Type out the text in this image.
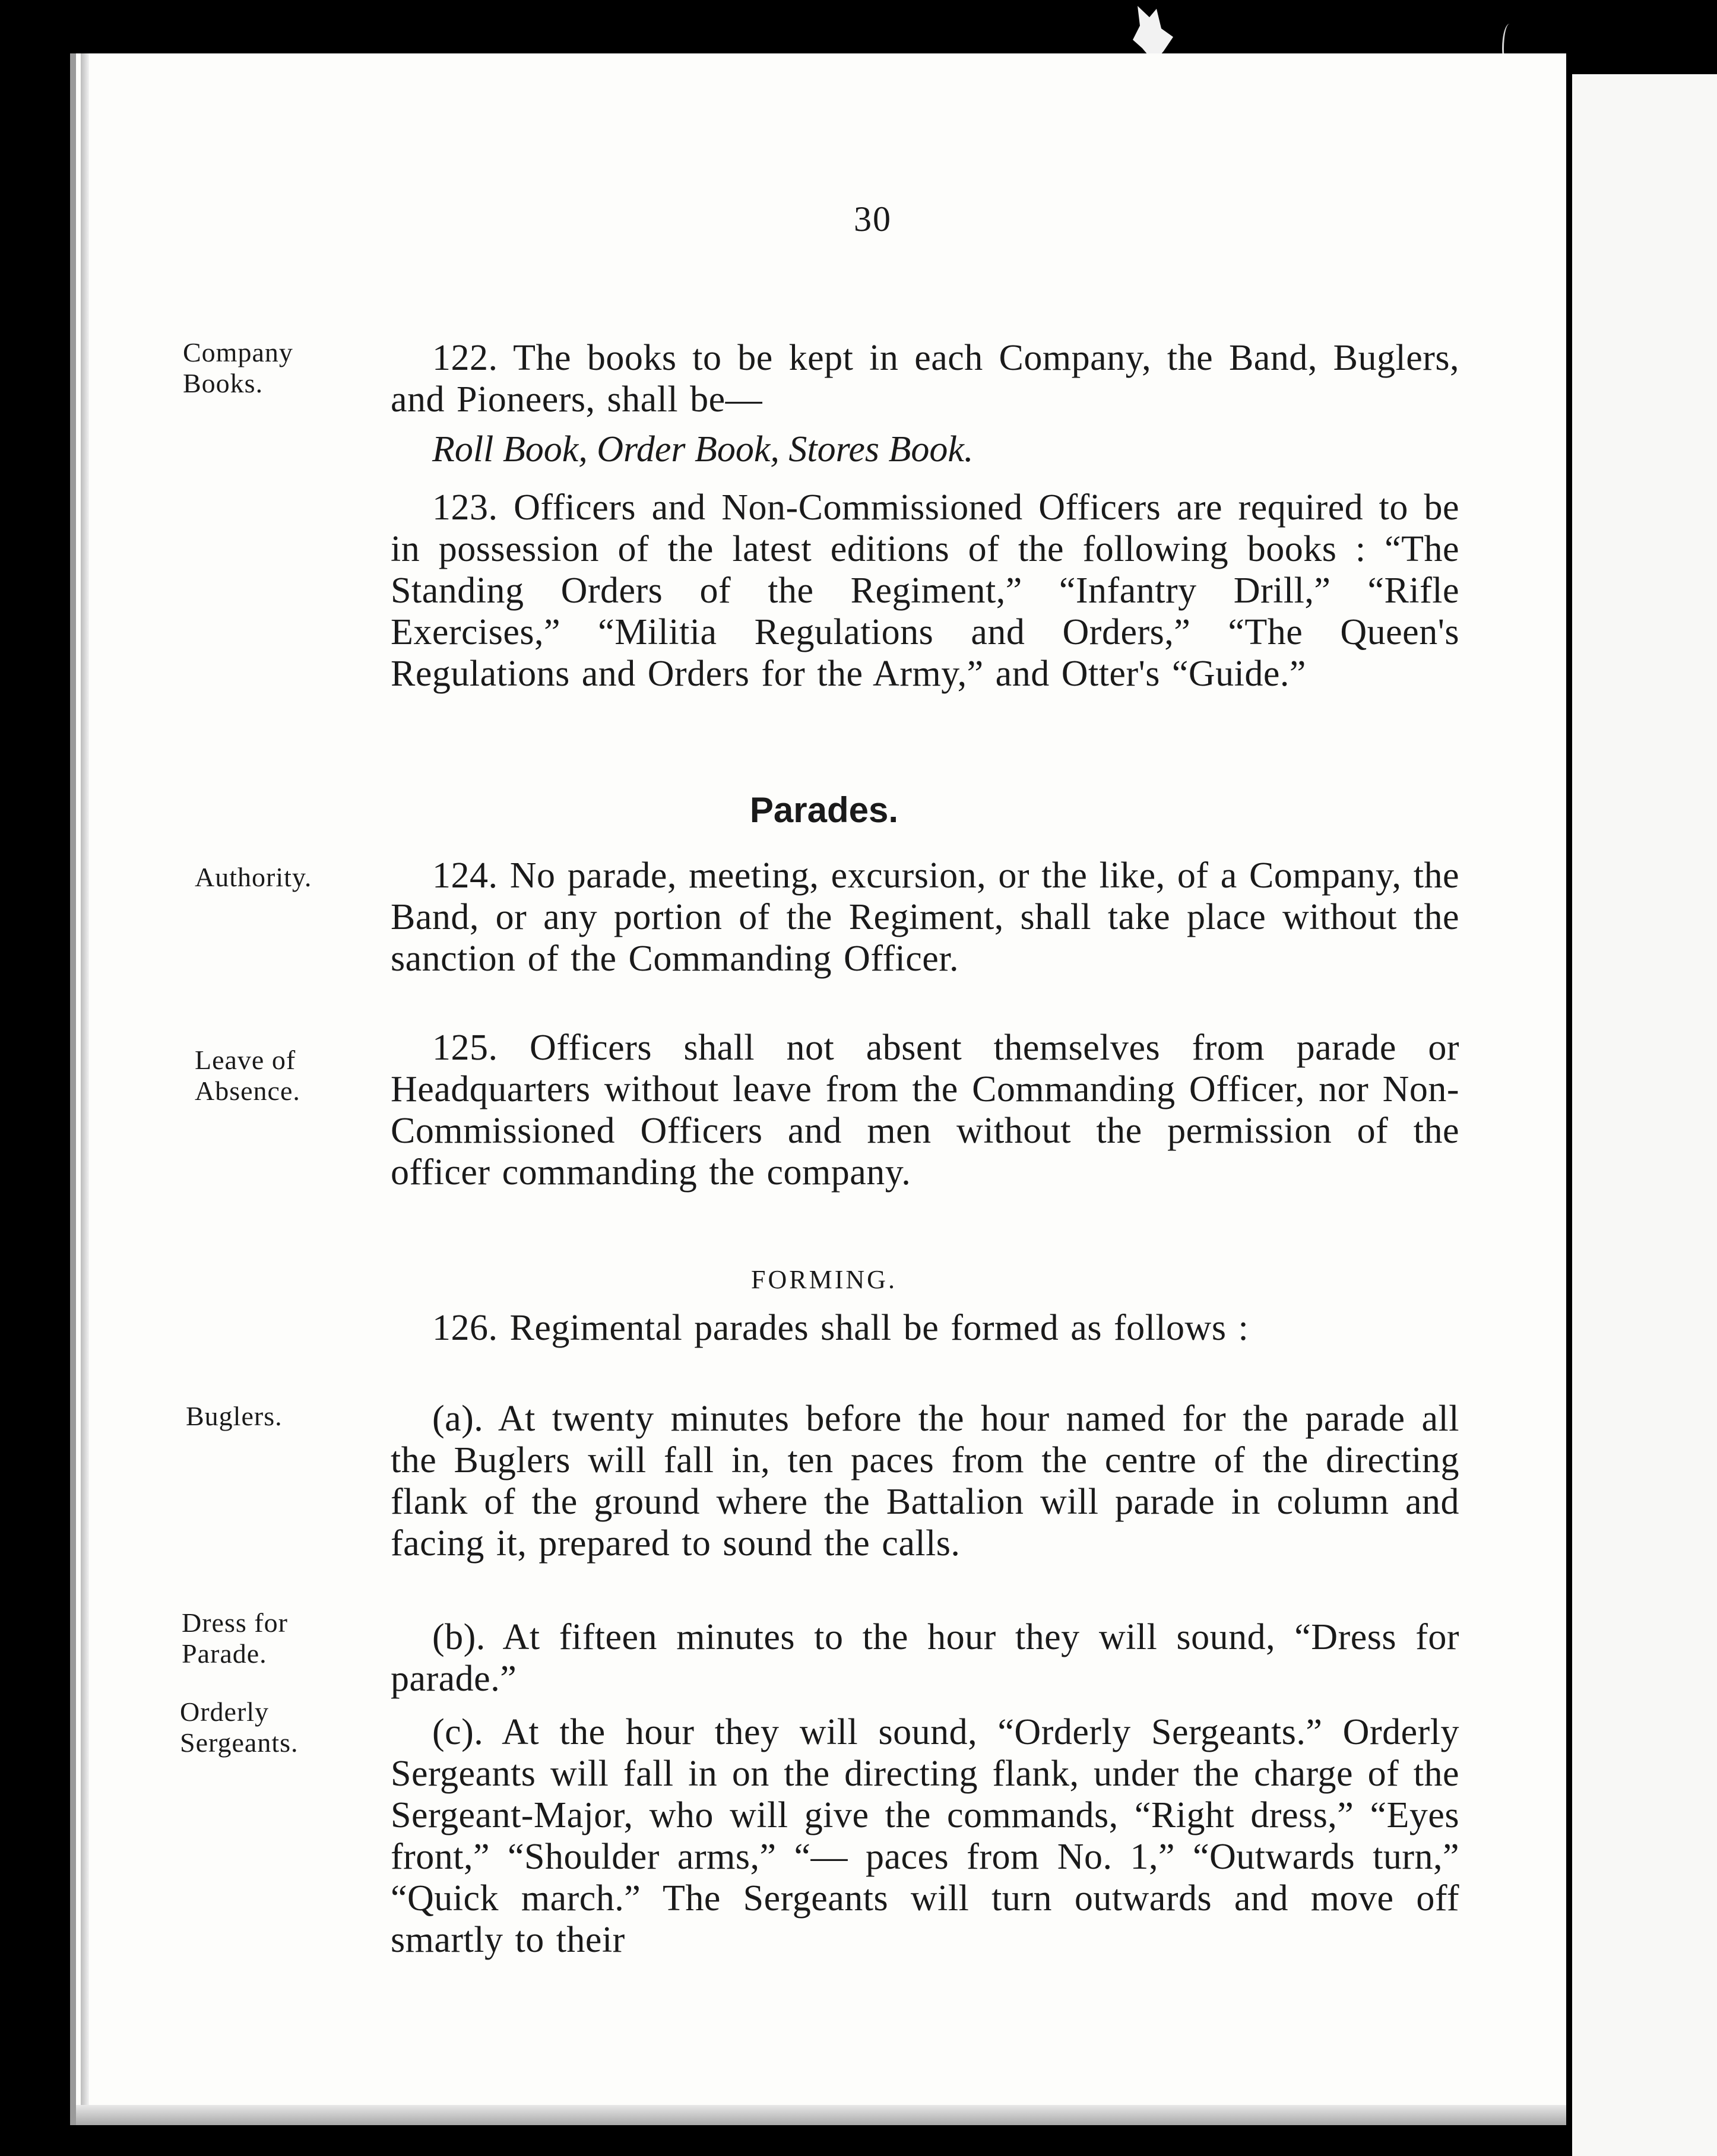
30
Company
Books.
122. The books to be kept in each Company, the Band, Buglers, and Pioneers, shall be—
Roll Book, Order Book, Stores Book.
123. Officers and Non-Commissioned Officers are required to be in possession of the latest editions of the following books : “The Standing Orders of the Regiment,” “Infantry Drill,” “Rifle Exercises,” “Militia Regulations and Orders,” “The Queen's Regulations and Orders for the Army,” and Otter's “Guide.”
Parades.
Authority.	124. No parade, meeting, excursion, or the like, of a Company, the Band, or any portion of the Regiment, shall take place without the sanction of the Commanding Officer.
Leave of
Absence.
125. Officers shall not absent themselves from parade or Headquarters without leave from the Commanding Officer, nor Non-Commissioned Officers and men without the permission of the officer commanding the company.
FORMING.
126. Regimental parades shall be formed as follows :
Buglers.	(a). At twenty minutes before the hour named for the parade all the Buglers will fall in, ten paces from the centre of the directing flank of the ground where the Battalion will parade in column and facing it, prepared to sound the calls.
Dress for
Parade.	(b). At fifteen minutes to the hour they will sound, “Dress for parade.”
Orderly
Sergeants.	(c). At the hour they will sound, “Orderly Sergeants.” Orderly Sergeants will fall in on the directing flank, under the charge of the Sergeant-Major, who will give the commands, “Right dress,” “Eyes front,” “Shoulder arms,” “— paces from No. 1,” “Outwards turn,” “Quick march.” The Sergeants will turn outwards and move off smartly to their
